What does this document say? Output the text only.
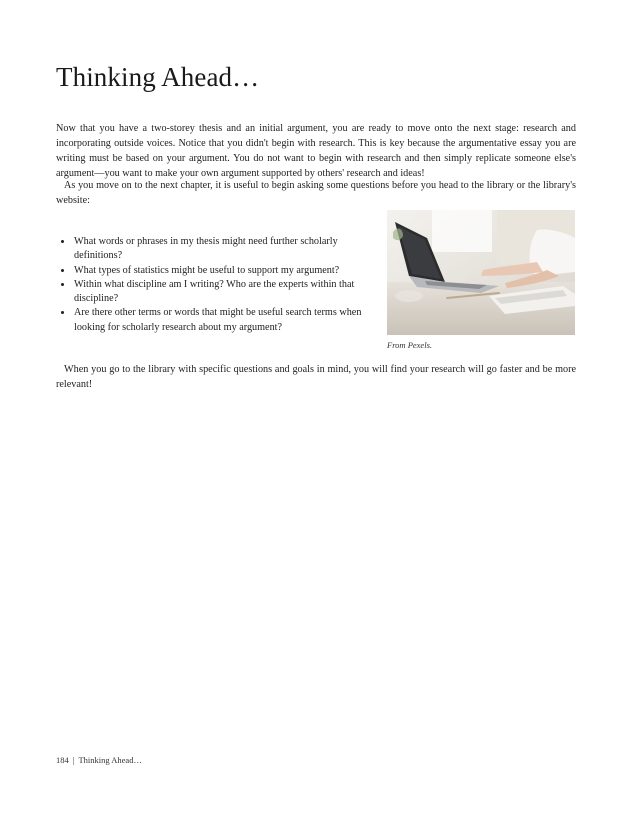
Thinking Ahead…

Now that you have a two-storey thesis and an initial argument, you are ready to move onto the next stage: research and incorporating outside voices. Notice that you didn't begin with research. This is key because the argumentative essay you are writing must be based on your argument. You do not want to begin with research and then simply replicate someone else's argument—you want to make your own argument supported by others' research and ideas!

As you move on to the next chapter, it is useful to begin asking some questions before you head to the library or the library's website:

• What words or phrases in my thesis might need further scholarly definitions?
• What types of statistics might be useful to support my argument?
• Within what discipline am I writing? Who are the experts within that discipline?
• Are there other terms or words that might be useful search terms when looking for scholarly research about my argument?

From Pexels.

When you go to the library with specific questions and goals in mind, you will find your research will go faster and be more relevant!

184 | Thinking Ahead…
